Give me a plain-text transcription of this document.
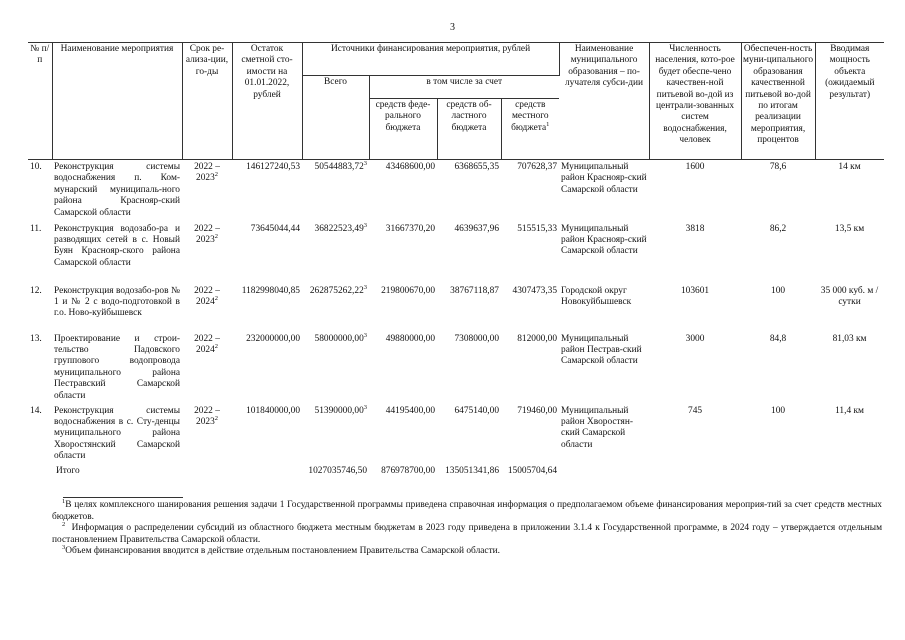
3
№ п/п	Наименование мероприятия	Срок ре-ализа-ции, го-ды	Остаток сметной сто-имости на 01.01.2022, рублей	Источники финансирования мероприятия, рублей				Наименование муниципального образования – по-лучателя субси-дии	Численность населения, кото-рое будет обеспе-чено качествен-ной питьевой во-дой из централи-зованных систем водоснабжения, человек	Обеспечен-ность муни-ципального образования качественной питьевой во-дой по итогам реализации мероприятия, процентов	Вводимая мощность объекта (ожидаемый результат)
				Всего	в том числе за счет						
					средств феде-рального бюджета	средств об-ластного бюджета	средств местного бюджета$^1$
10.	Реконструкция системы водоснабжения п. Ком-мунарский муниципаль-ного района Краснояр-ский Самарской области	2022 – 2023$^2$	146127240,53	50544883,72$^3$	43468600,00	6368655,35	707628,37	Муниципальный район Краснояр-ский Самарской области	1600	78,6	14 км
11.	Реконструкция водозабо-ра и разводящих сетей в с. Новый Буян Краснояр-ского района Самарской области	2022 – 2023$^2$	73645044,44	36822523,49$^3$	31667370,20	4639637,96	515515,33	Муниципальный район Краснояр-ский Самарской области	3818	86,2	13,5 км
12.	Реконструкция водозабо-ров № 1 и № 2 с водо-подготовкой в г.о. Ново-куйбышевск	2022 – 2024$^2$	1182998040,85	262875262,22$^3$	219800670,00	38767118,87	4307473,35	Городской округ Новокуйбышевск	103601	100	35 000 куб. м / сутки
13.	Проектирование и строи-тельство Падовского группового водопровода муниципального района Пестравский Самарской области	2022 – 2024$^2$	232000000,00	58000000,00$^3$	49880000,00	7308000,00	812000,00	Муниципальный район Пестрав-ский Самарской области	3000	84,8	81,03 км
14.	Реконструкция системы водоснабжения в с. Сту-денцы муниципального района Хворостянский Самарской области	2022 – 2023$^2$	101840000,00	51390000,00$^3$	44195400,00	6475140,00	719460,00	Муниципальный район Хворостян-ский Самарской области	745	100	11,4 км
Итого				1027035746,50	876978700,00	135051341,86	15005704,64				
$^1$В целях комплексного шанирования решения задачи 1 Государственной программы приведена справочная информация о предполагаемом объеме финансирования мероприя-тий за счет средств местных бюджетов.
$^2$ Информация о распределении субсидий из областного бюджета местным бюджетам в 2023 году приведена в приложении 3.1.4 к Государственной программе, в 2024 году – утверждается отдельным постановлением Правительства Самарской области.
$^3$Объем финансирования вводится в действие отдельным постановлением Правительства Самарской области.
